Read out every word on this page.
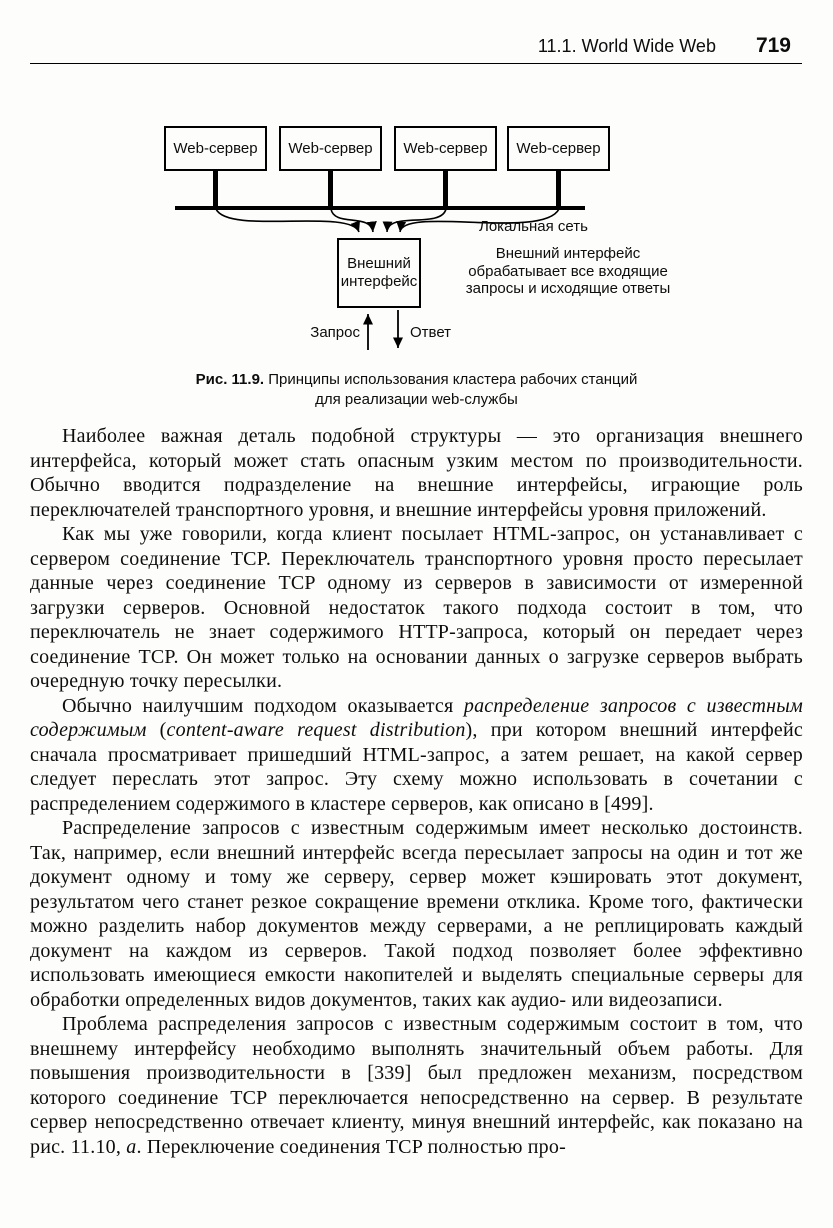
11.1. World Wide Web 719
Web-сервер	Web-сервер	Web-сервер	Web-сервер
Локальная сеть
Внешний
интерфейс
Внешний интерфейс
обрабатывает все входящие
запросы и исходящие ответы
Запрос	Ответ
Рис. 11.9. Принципы использования кластера рабочих станций
для реализации web-службы

Наиболее важная деталь подобной структуры — это организация внешнего интерфейса, который может стать опасным узким местом по производительности. Обычно вводится подразделение на внешние интерфейсы, играющие роль переключателей транспортного уровня, и внешние интерфейсы уровня приложений.

Как мы уже говорили, когда клиент посылает HTML-запрос, он устанавливает с сервером соединение TCP. Переключатель транспортного уровня просто пересылает данные через соединение TCP одному из серверов в зависимости от измеренной загрузки серверов. Основной недостаток такого подхода состоит в том, что переключатель не знает содержимого HTTP-запроса, который он передает через соединение TCP. Он может только на основании данных о загрузке серверов выбрать очередную точку пересылки.

Обычно наилучшим подходом оказывается распределение запросов с известным содержимым (content-aware request distribution), при котором внешний интерфейс сначала просматривает пришедший HTML-запрос, а затем решает, на какой сервер следует переслать этот запрос. Эту схему можно использовать в сочетании с распределением содержимого в кластере серверов, как описано в [499].

Распределение запросов с известным содержимым имеет несколько достоинств. Так, например, если внешний интерфейс всегда пересылает запросы на один и тот же документ одному и тому же серверу, сервер может кэшировать этот документ, результатом чего станет резкое сокращение времени отклика. Кроме того, фактически можно разделить набор документов между серверами, а не реплицировать каждый документ на каждом из серверов. Такой подход позволяет более эффективно использовать имеющиеся емкости накопителей и выделять специальные серверы для обработки определенных видов документов, таких как аудио- или видеозаписи.

Проблема распределения запросов с известным содержимым состоит в том, что внешнему интерфейсу необходимо выполнять значительный объем работы. Для повышения производительности в [339] был предложен механизм, посредством которого соединение TCP переключается непосредственно на сервер. В результате сервер непосредственно отвечает клиенту, минуя внешний интерфейс, как показано на рис. 11.10, а. Переключение соединения TCP полностью про-
